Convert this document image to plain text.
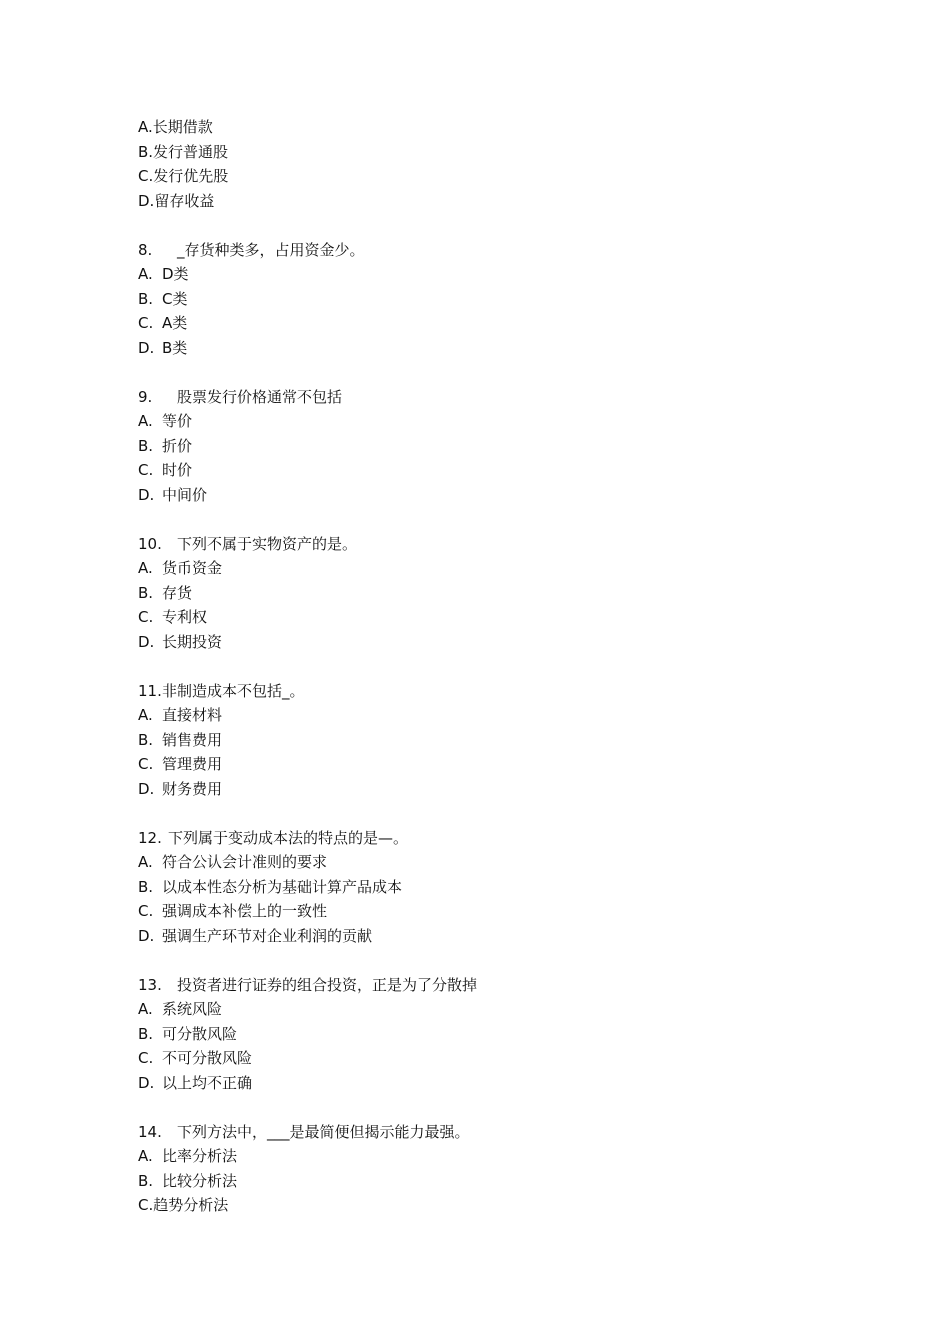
A.长期借款
B.发行普通股
C.发行优先股
D.留存收益
8. _存货种类多，占用资金少。
A. D类
B. C类
C. A类
D. B类
9. 股票发行价格通常不包括
A. 等价
B. 折价
C. 时价
D. 中间价
10. 下列不属于实物资产的是。
A. 货币资金
B. 存货
C. 专利权
D. 长期投资
11.非制造成本不包括_。
A. 直接材料
B. 销售费用
C. 管理费用
D. 财务费用
12. 下列属于变动成本法的特点的是—。
A. 符合公认会计准则的要求
B. 以成本性态分析为基础计算产品成本
C. 强调成本补偿上的一致性
D. 强调生产环节对企业利润的贡献
13. 投资者进行证券的组合投资，正是为了分散掉
A. 系统风险
B. 可分散风险
C. 不可分散风险
D. 以上均不正确
14. 下列方法中，___是最简便但揭示能力最强。
A. 比率分析法
B. 比较分析法
C.趋势分析法
